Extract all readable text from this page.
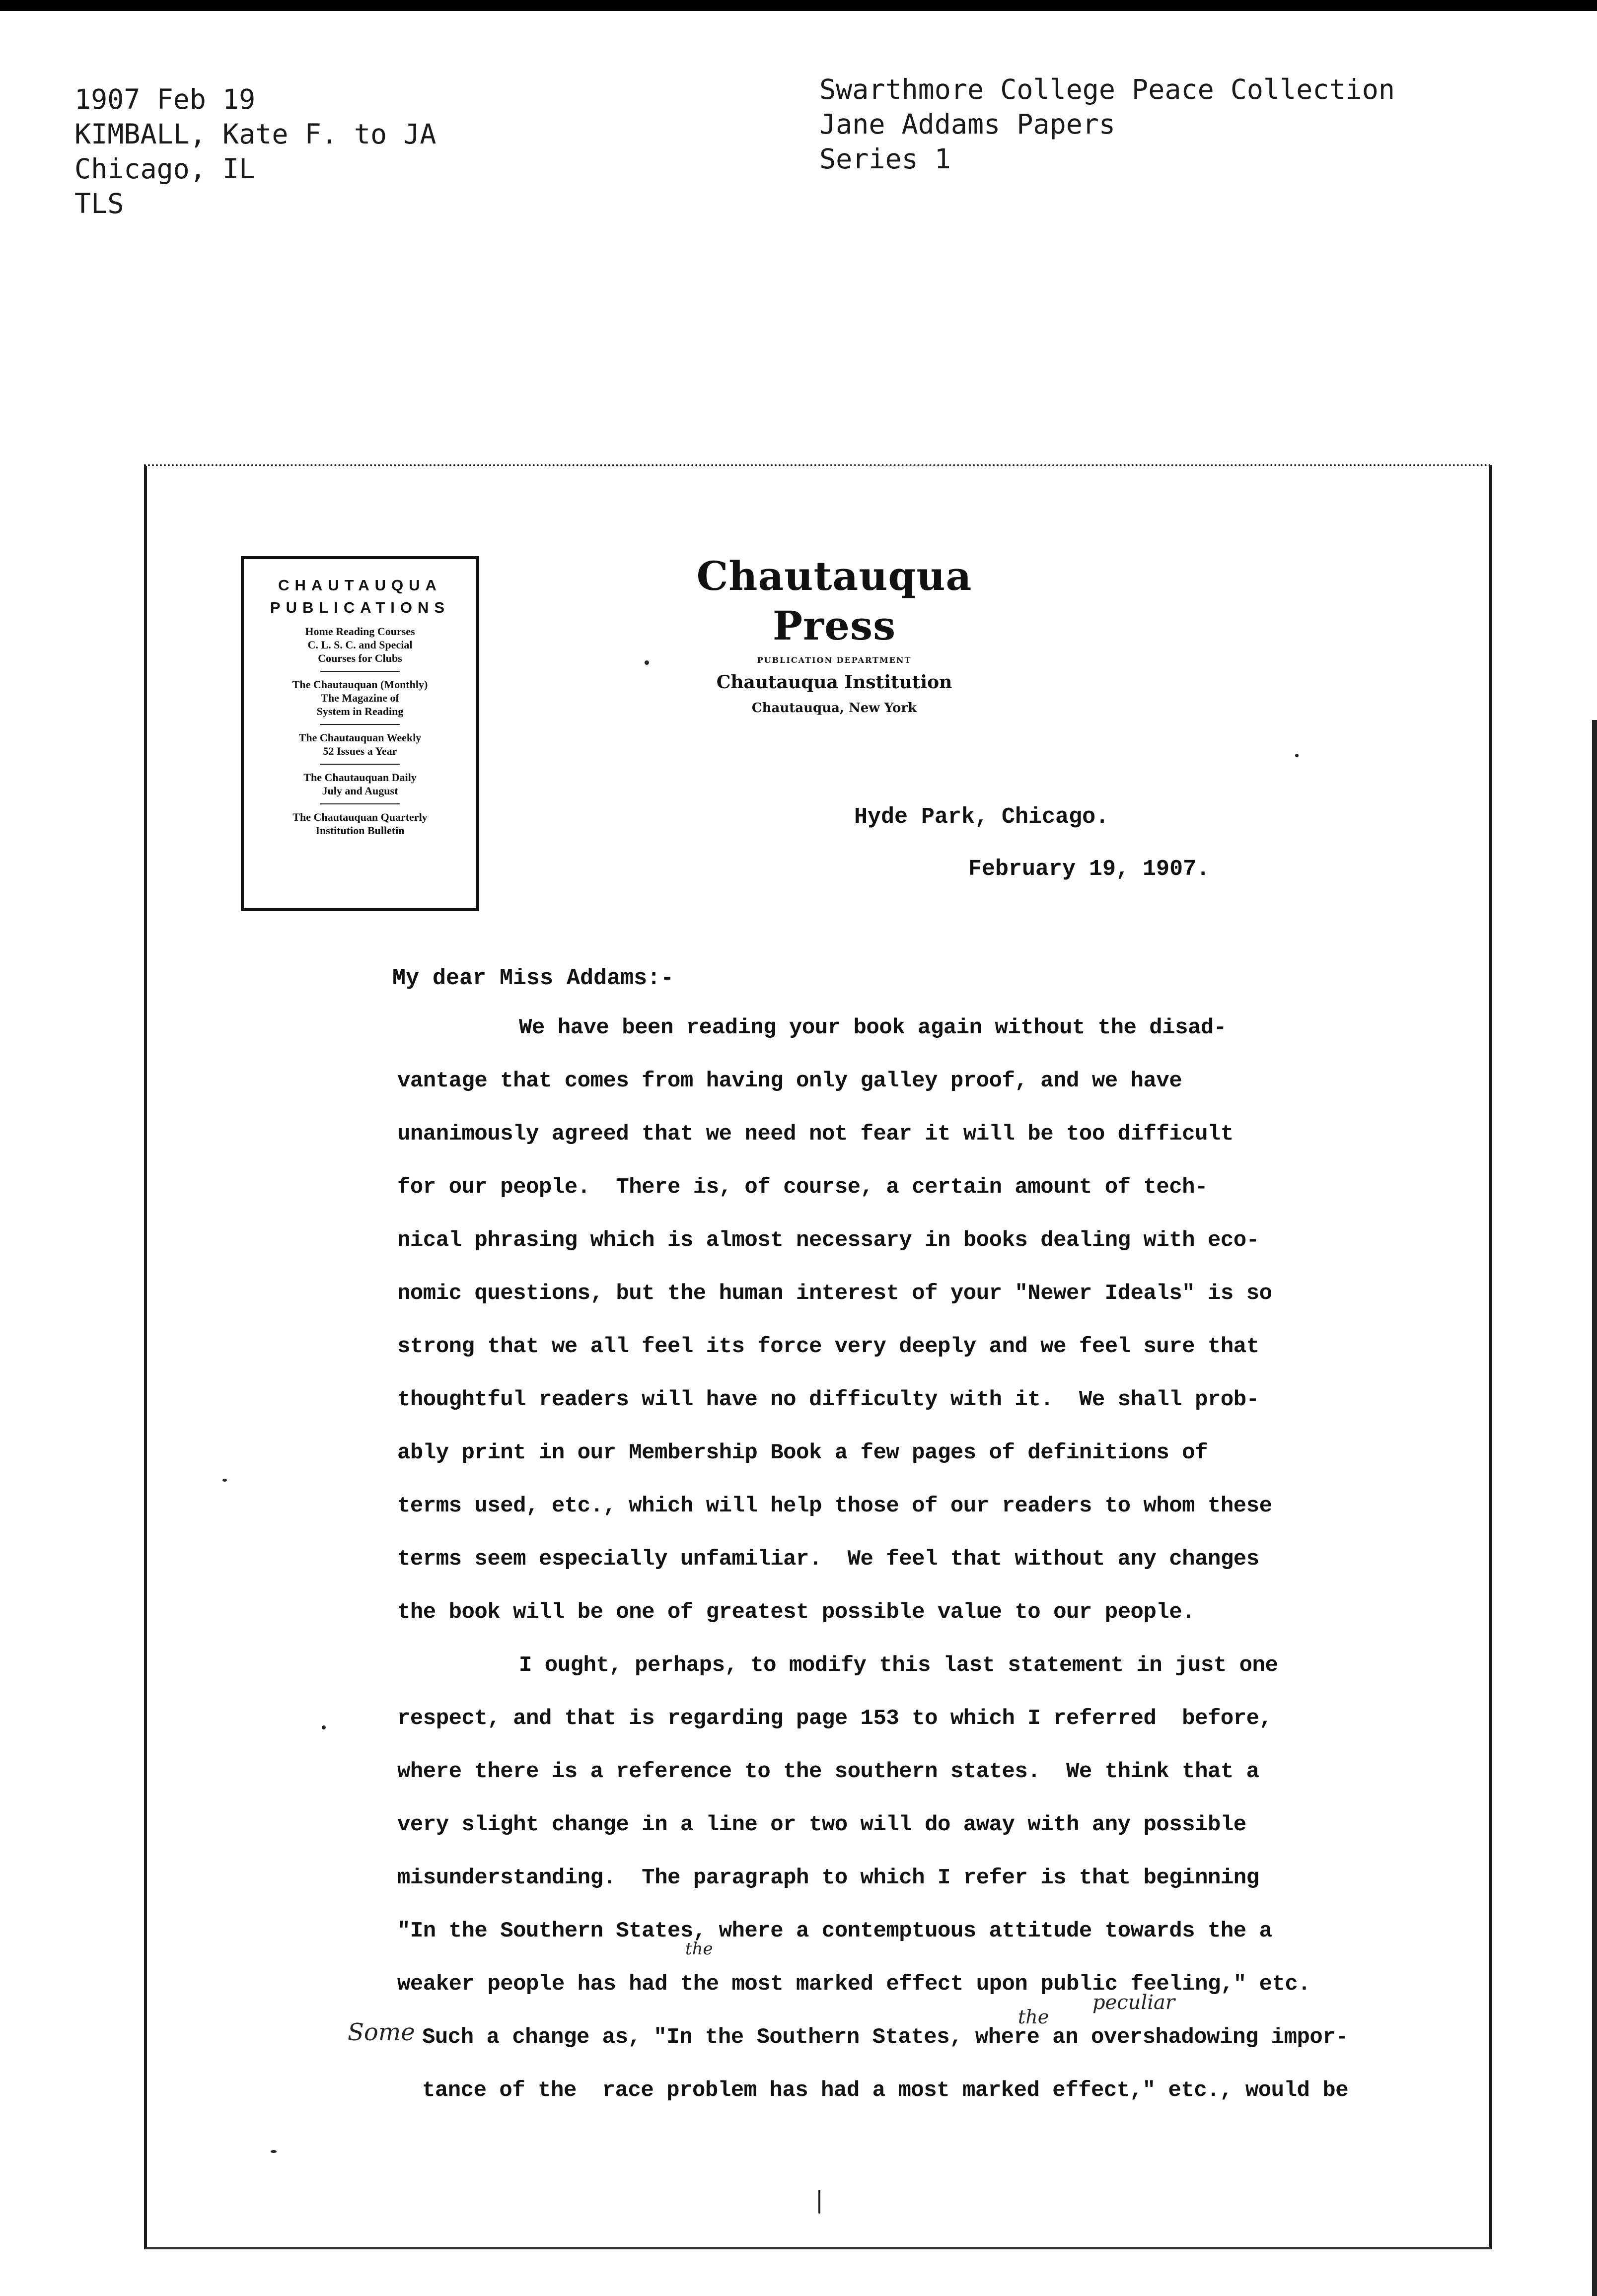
1907 Feb 19
KIMBALL, Kate F. to JA
Chicago, IL
TLS
Swarthmore College Peace Collection
Jane Addams Papers
Series 1
CHAUTAUQUA
PUBLICATIONS
Home Reading Courses
C. L. S. C. and Special
Courses for Clubs
The Chautauquan (Monthly)
The Magazine of
System in Reading
The Chautauquan Weekly
52 Issues a Year
The Chautauquan Daily
July and August
The Chautauquan Quarterly
Institution Bulletin
Chautauqua Press
PUBLICATION DEPARTMENT
Chautauqua Institution
Chautauqua, New York
Hyde Park, Chicago.
February 19, 1907.
My dear Miss Addams:-
We have been reading your book again without the disad-
vantage that comes from having only galley proof, and we have
unanimously agreed that we need not fear it will be too difficult
for our people.  There is, of course, a certain amount of tech-
nical phrasing which is almost necessary in books dealing with eco-
nomic questions, but the human interest of your "Newer Ideals" is so
strong that we all feel its force very deeply and we feel sure that
thoughtful readers will have no difficulty with it.  We shall prob-
ably print in our Membership Book a few pages of definitions of
terms used, etc., which will help those of our readers to whom these
terms seem especially unfamiliar.  We feel that without any changes
the book will be one of greatest possible value to our people.
I ought, perhaps, to modify this last statement in just one
respect, and that is regarding page 153 to which I referred  before,
where there is a reference to the southern states.  We think that a
very slight change in a line or two will do away with any possible
misunderstanding.  The paragraph to which I refer is that beginning
"In the Southern States, where a contemptuous attitude towards the a
weaker people has had the most marked effect upon public feeling," etc.
Such a change as, "In the Southern States, where an overshadowing impor-
tance of the  race problem has had a most marked effect," etc., would be
Some
the
the
peculiar
